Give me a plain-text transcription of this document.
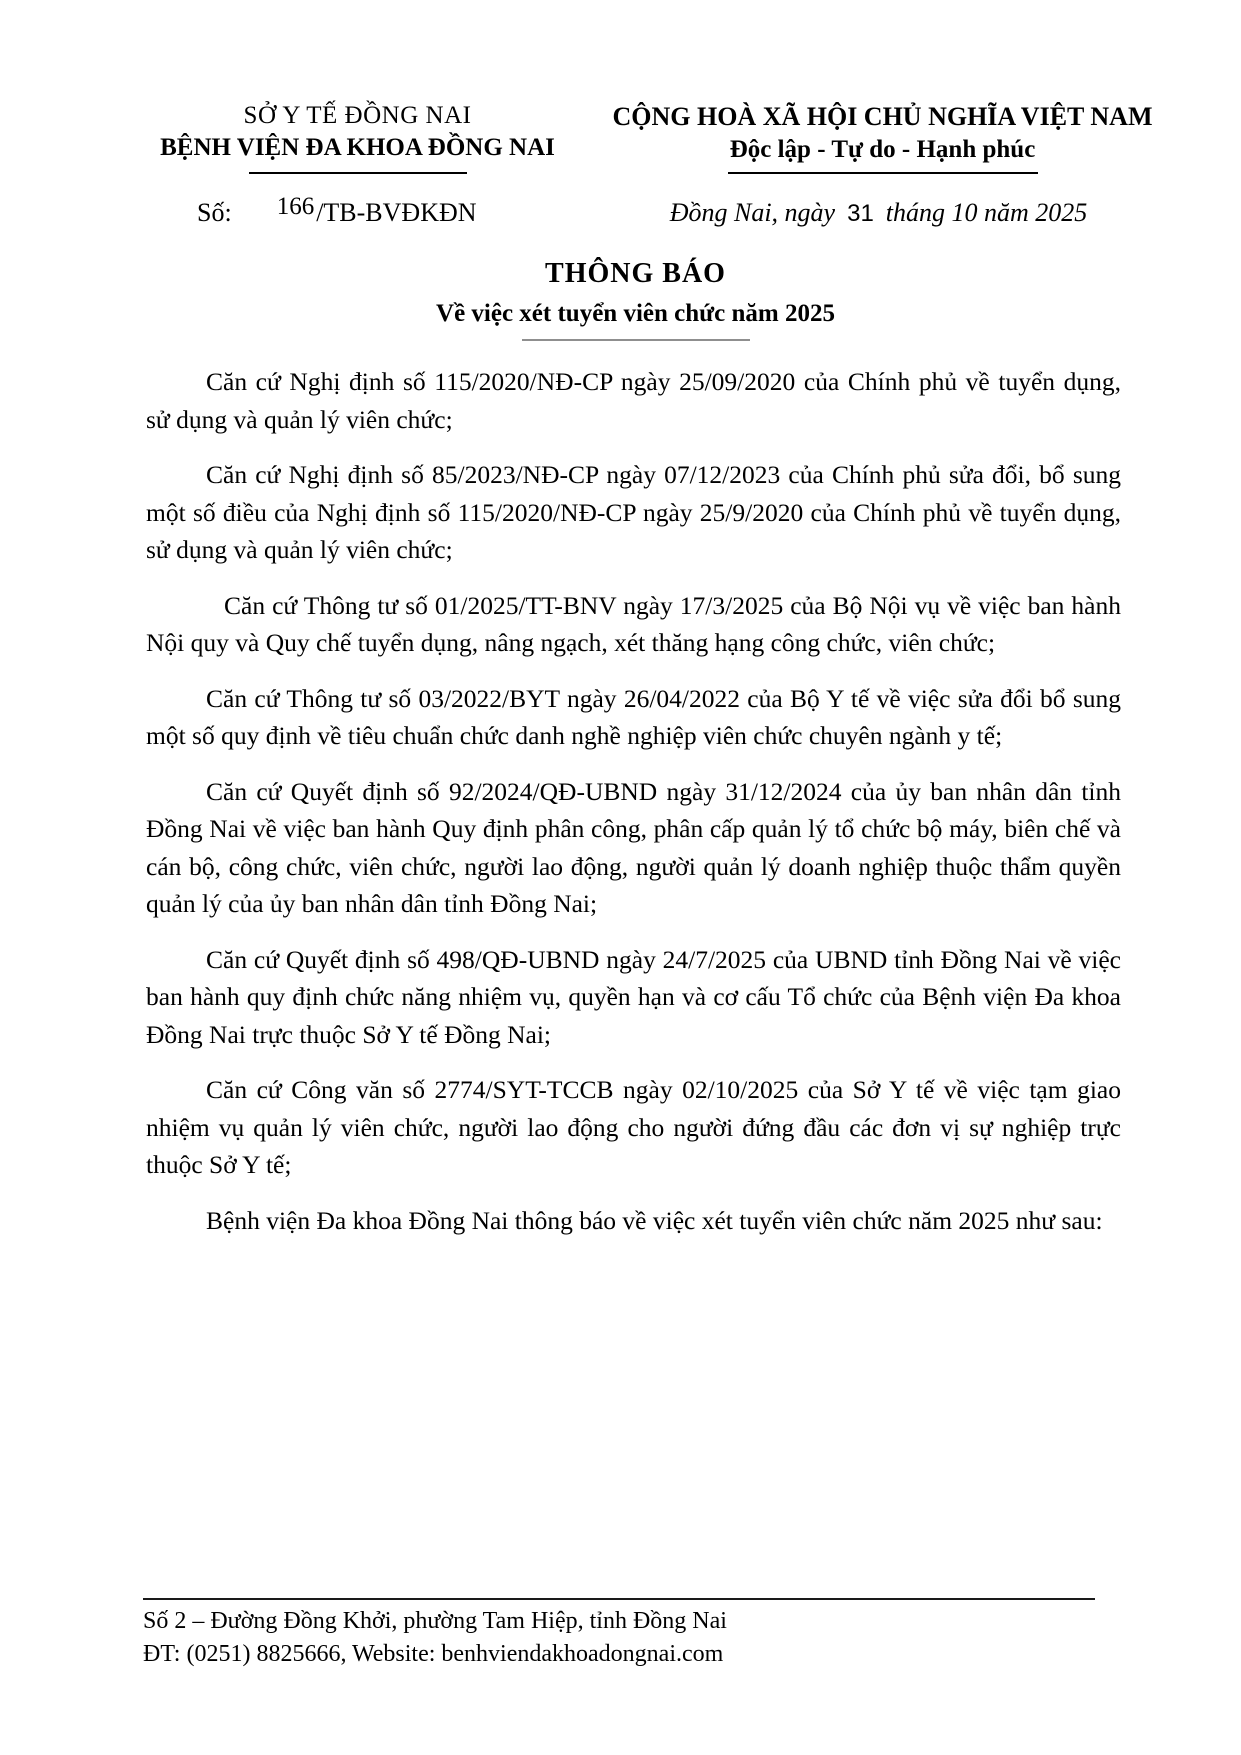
SỞ Y TẾ ĐỒNG NAI
BỆNH VIỆN ĐA KHOA ĐỒNG NAI
CỘNG HOÀ XÃ HỘI CHỦ NGHĨA VIỆT NAM
Độc lập - Tự do - Hạnh phúc
Số: 166/TB-BVĐKĐN	Đồng Nai, ngày 31 tháng 10 năm 2025
THÔNG BÁO
Về việc xét tuyển viên chức năm 2025

Căn cứ Nghị định số 115/2020/NĐ-CP ngày 25/09/2020 của Chính phủ về tuyển dụng, sử dụng và quản lý viên chức;

Căn cứ Nghị định số 85/2023/NĐ-CP ngày 07/12/2023 của Chính phủ sửa đổi, bổ sung một số điều của Nghị định số 115/2020/NĐ-CP ngày 25/9/2020 của Chính phủ về tuyển dụng, sử dụng và quản lý viên chức;

Căn cứ Thông tư số 01/2025/TT-BNV ngày 17/3/2025 của Bộ Nội vụ về việc ban hành Nội quy và Quy chế tuyển dụng, nâng ngạch, xét thăng hạng công chức, viên chức;

Căn cứ Thông tư số 03/2022/BYT ngày 26/04/2022 của Bộ Y tế về việc sửa đổi bổ sung một số quy định về tiêu chuẩn chức danh nghề nghiệp viên chức chuyên ngành y tế;

Căn cứ Quyết định số 92/2024/QĐ-UBND ngày 31/12/2024 của ủy ban nhân dân tỉnh Đồng Nai về việc ban hành Quy định phân công, phân cấp quản lý tổ chức bộ máy, biên chế và cán bộ, công chức, viên chức, người lao động, người quản lý doanh nghiệp thuộc thẩm quyền quản lý của ủy ban nhân dân tỉnh Đồng Nai;

Căn cứ Quyết định số 498/QĐ-UBND ngày 24/7/2025 của UBND tỉnh Đồng Nai về việc ban hành quy định chức năng nhiệm vụ, quyền hạn và cơ cấu Tổ chức của Bệnh viện Đa khoa Đồng Nai trực thuộc Sở Y tế Đồng Nai;

Căn cứ Công văn số 2774/SYT-TCCB ngày 02/10/2025 của Sở Y tế về việc tạm giao nhiệm vụ quản lý viên chức, người lao động cho người đứng đầu các đơn vị sự nghiệp trực thuộc Sở Y tế;

Bệnh viện Đa khoa Đồng Nai thông báo về việc xét tuyển viên chức năm 2025 như sau:

Số 2 – Đường Đồng Khởi, phường Tam Hiệp, tỉnh Đồng Nai
ĐT: (0251) 8825666, Website: benhviendakhoadongnai.com
